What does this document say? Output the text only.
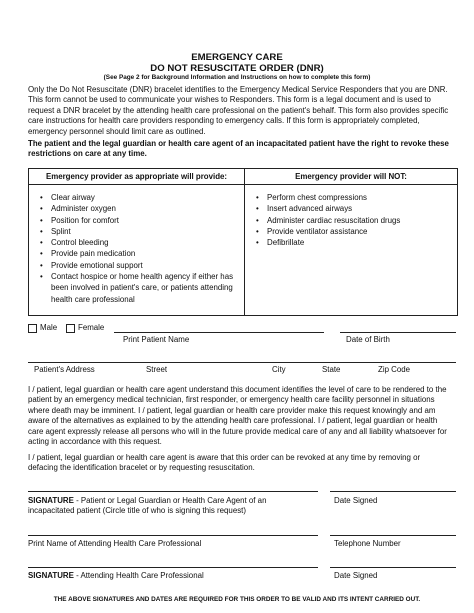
EMERGENCY CARE
DO NOT RESUSCITATE ORDER (DNR)
(See Page 2 for Background Information and Instructions on how to complete this form)
Only the Do Not Resuscitate (DNR) bracelet identifies to the Emergency Medical Service Responders that you are DNR. This form cannot be used to communicate your wishes to Responders. This form is a legal document and is used to request a DNR bracelet by the attending health care professional on the patient's behalf. This form also provides specific care instructions for health care providers responding to emergency calls. If this form is appropriately completed, emergency personnel should limit care as outlined.
The patient and the legal guardian or health care agent of an incapacitated patient have the right to revoke these restrictions on care at any time.
Emergency provider as appropriate will provide:	Emergency provider will NOT:
• Clear airway
• Administer oxygen
• Position for comfort
• Splint
• Control bleeding
• Provide pain medication
• Provide emotional support
• Contact hospice or home health agency if either has been involved in patient's care, or patients attending health care professional
• Perform chest compressions
• Insert advanced airways
• Administer cardiac resuscitation drugs
• Provide ventilator assistance
• Defibrillate
Male	Female
Print Patient Name	Date of Birth
Patient's Address	Street	City	State	Zip Code
I / patient, legal guardian or health care agent understand this document identifies the level of care to be rendered to the patient by an emergency medical technician, first responder, or emergency health care facility personnel in situations where death may be imminent. I / patient, legal guardian or health care provider make this request knowingly and am aware of the alternatives as explained to by the attending health care professional. I / patient, legal guardian or health care agent expressly release all persons who will in the future provide medical care of any and all liability whatsoever for acting in accordance with this request.
I / patient, legal guardian or health care agent is aware that this order can be revoked at any time by removing or defacing the identification bracelet or by requesting resuscitation.
SIGNATURE - Patient or Legal Guardian or Health Care Agent of an incapacitated patient (Circle title of who is signing this request)
Date Signed
Print Name of Attending Health Care Professional	Telephone Number
SIGNATURE - Attending Health Care Professional	Date Signed
THE ABOVE SIGNATURES AND DATES ARE REQUIRED FOR THIS ORDER TO BE VALID AND ITS INTENT CARRIED OUT.
